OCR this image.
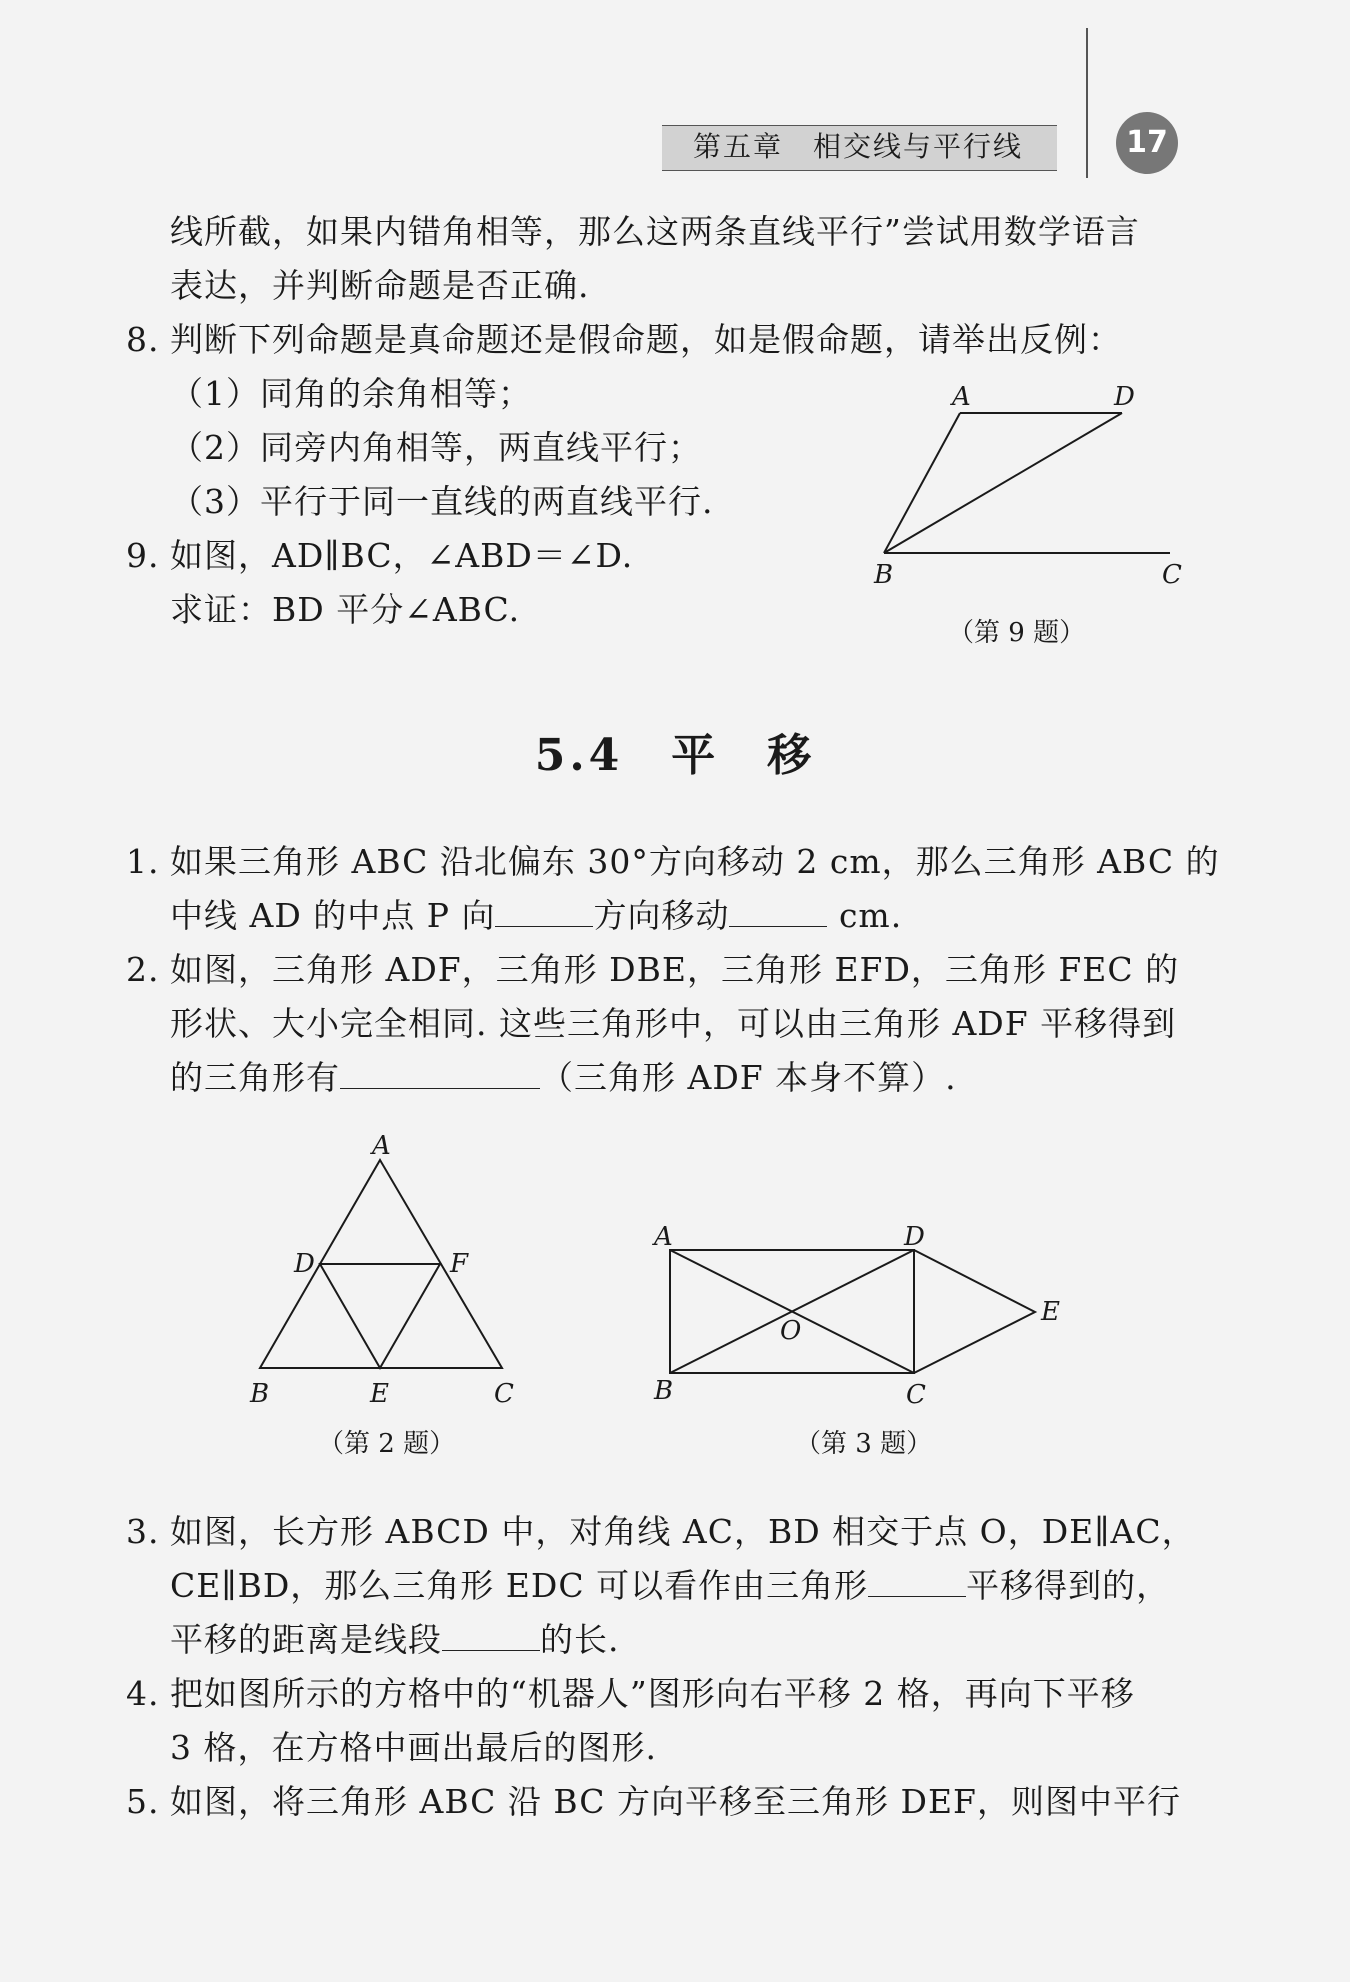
第五章　相交线与平行线	17
线所截，如果内错角相等，那么这两条直线平行”尝试用数学语言
表达，并判断命题是否正确.
8. 判断下列命题是真命题还是假命题，如是假命题，请举出反例：
（1）同角的余角相等；
（2）同旁内角相等，两直线平行；
（3）平行于同一直线的两直线平行.
9. 如图，AD∥BC，∠ABD＝∠D.
求证：BD 平分∠ABC.
A	D
B	C
（第 9 题）
5.4　平　移
1. 如果三角形 ABC 沿北偏东 30°方向移动 2 cm，那么三角形 ABC 的
中线 AD 的中点 P 向	方向移动	cm.
2. 如图，三角形 ADF，三角形 DBE，三角形 EFD，三角形 FEC 的
形状、大小完全相同. 这些三角形中，可以由三角形 ADF 平移得到
的三角形有	（三角形 ADF 本身不算）.
A
D	F
B	E	C
（第 2 题）
A	D
E
O
B	C
（第 3 题）
3. 如图，长方形 ABCD 中，对角线 AC，BD 相交于点 O，DE∥AC，
CE∥BD，那么三角形 EDC 可以看作由三角形	平移得到的，
平移的距离是线段	的长.
4. 把如图所示的方格中的“机器人”图形向右平移 2 格，再向下平移
3 格，在方格中画出最后的图形.
5. 如图，将三角形 ABC 沿 BC 方向平移至三角形 DEF，则图中平行
